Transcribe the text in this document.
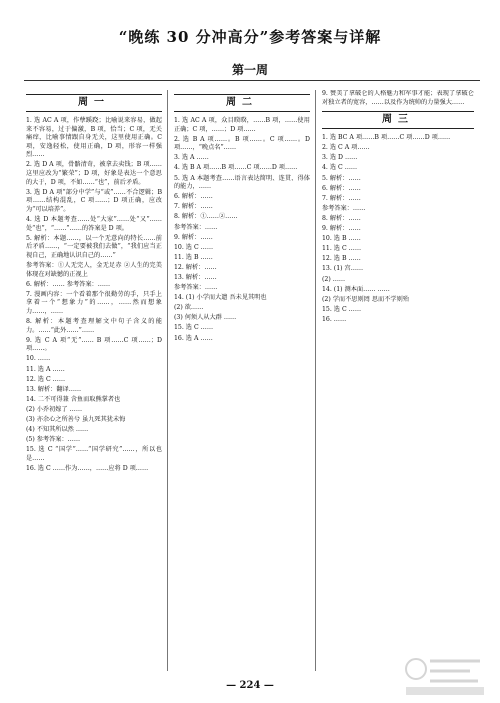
“晚练 30 分冲高分”参考答案与详解
第一周
周一

1. 选 AC A 项，作孽蹊跷；比喻说来容易，做起来不容易，过于偏激，B 项，恰当；C 项，无关痛痒，比喻事情跟自身无关，这里使用正确。C 项，安逸轻松，使用正确，D 项，形容一样强烈……

2. 选 D A 项，骨骼清奇，被拿去卖钱；B 项……这里应改为“繁荣”；D 项，好象是表达一个意思的大于，D 项，不如……“也”，前后矛盾。

3. 选 D A 项“部分中学”与“或”……不合逻辑；B 项……结构混乱，C 项……；D 项正确，应改为“可以培养”。

4. 选 D 本题考查……处“大家”……处“又”……处“也”，“……”……的答案是 D 项。

5. 解析：本题……，以一个无意向的特长……前后矛盾……，“一定要被我们去做”，“我们应当正视自己，正确地认识自己的……”

参考答案：①人无完人，金无足赤 ②人生的完美体现在对缺憾的正视上

6. 解析：…… 参考答案：……

7. 漫画内容：一个看着那个很勤劳的手，只手上拿着一个“想象力”的……，……然而想象力……，……

8. 解析：本题考查理解文中句子含义的能力。……“此外……”……

9. 选 C A 项“无”…… B 项……C 项……；D 项……。

10. ……

11. 选 A ……

12. 选 C ……

13. 解析：翻译……

14. 二不可得兼 含鱼而取熊掌者也

(2) 小乔初嫁了 ……

(3) 亦余心之所善兮 虽九死其犹未悔

(4) 不知其所以然 ……

(5) 参考答案：……

15. 选 C “国学”……“国学研究”……，所以也是……

16. 选 C ……作为……，……应将 D 项……

周二

1. 选 AC A 项，众目睽睽，……B 项，……使用正确；C 项，……；D 项……

2. 选 B A 项……。B 项……。C 项……。D 项……，“晚点名”……

3. 选 A ……

4. 选 B A 项……B 项……C 项……D 项……

5. 选 A 本题考查……语言表达简明、连贯、得体的能力，……

6. 解析：……

7. 解析：……

8. 解析：①……②……

参考答案：……

9. 解析：……

10. 选 C ……

11. 选 B ……

12. 解析：……

13. 解析：……

参考答案：……

14. (1) 小学而大遗 吾未见其明也

(2) 欲……

(3) 何须人从大群 ……

15. 选 C ……

16. 选 A ……

9. 赞美了拿破仑的人格魅力和军事才能；表现了拿破仑对独立者的宽容，……以及作为统帅的力量强大……

周三

1. 选 BC A 项……B 项……C 项……D 项……

2. 选 C A 项……

3. 选 D ……

4. 选 C ……

5. 解析：……

6. 解析：……

7. 解析：……

参考答案：……

8. 解析：……

9. 解析：……

10. 选 B ……

11. 选 C ……

12. 选 B ……

13. (1) 宫……

(2) ……

14. (1) 测本面…… ……

(2) 学而不思则罔 思而不学则殆

15. 选 C ……

16. ……

— 224 —
